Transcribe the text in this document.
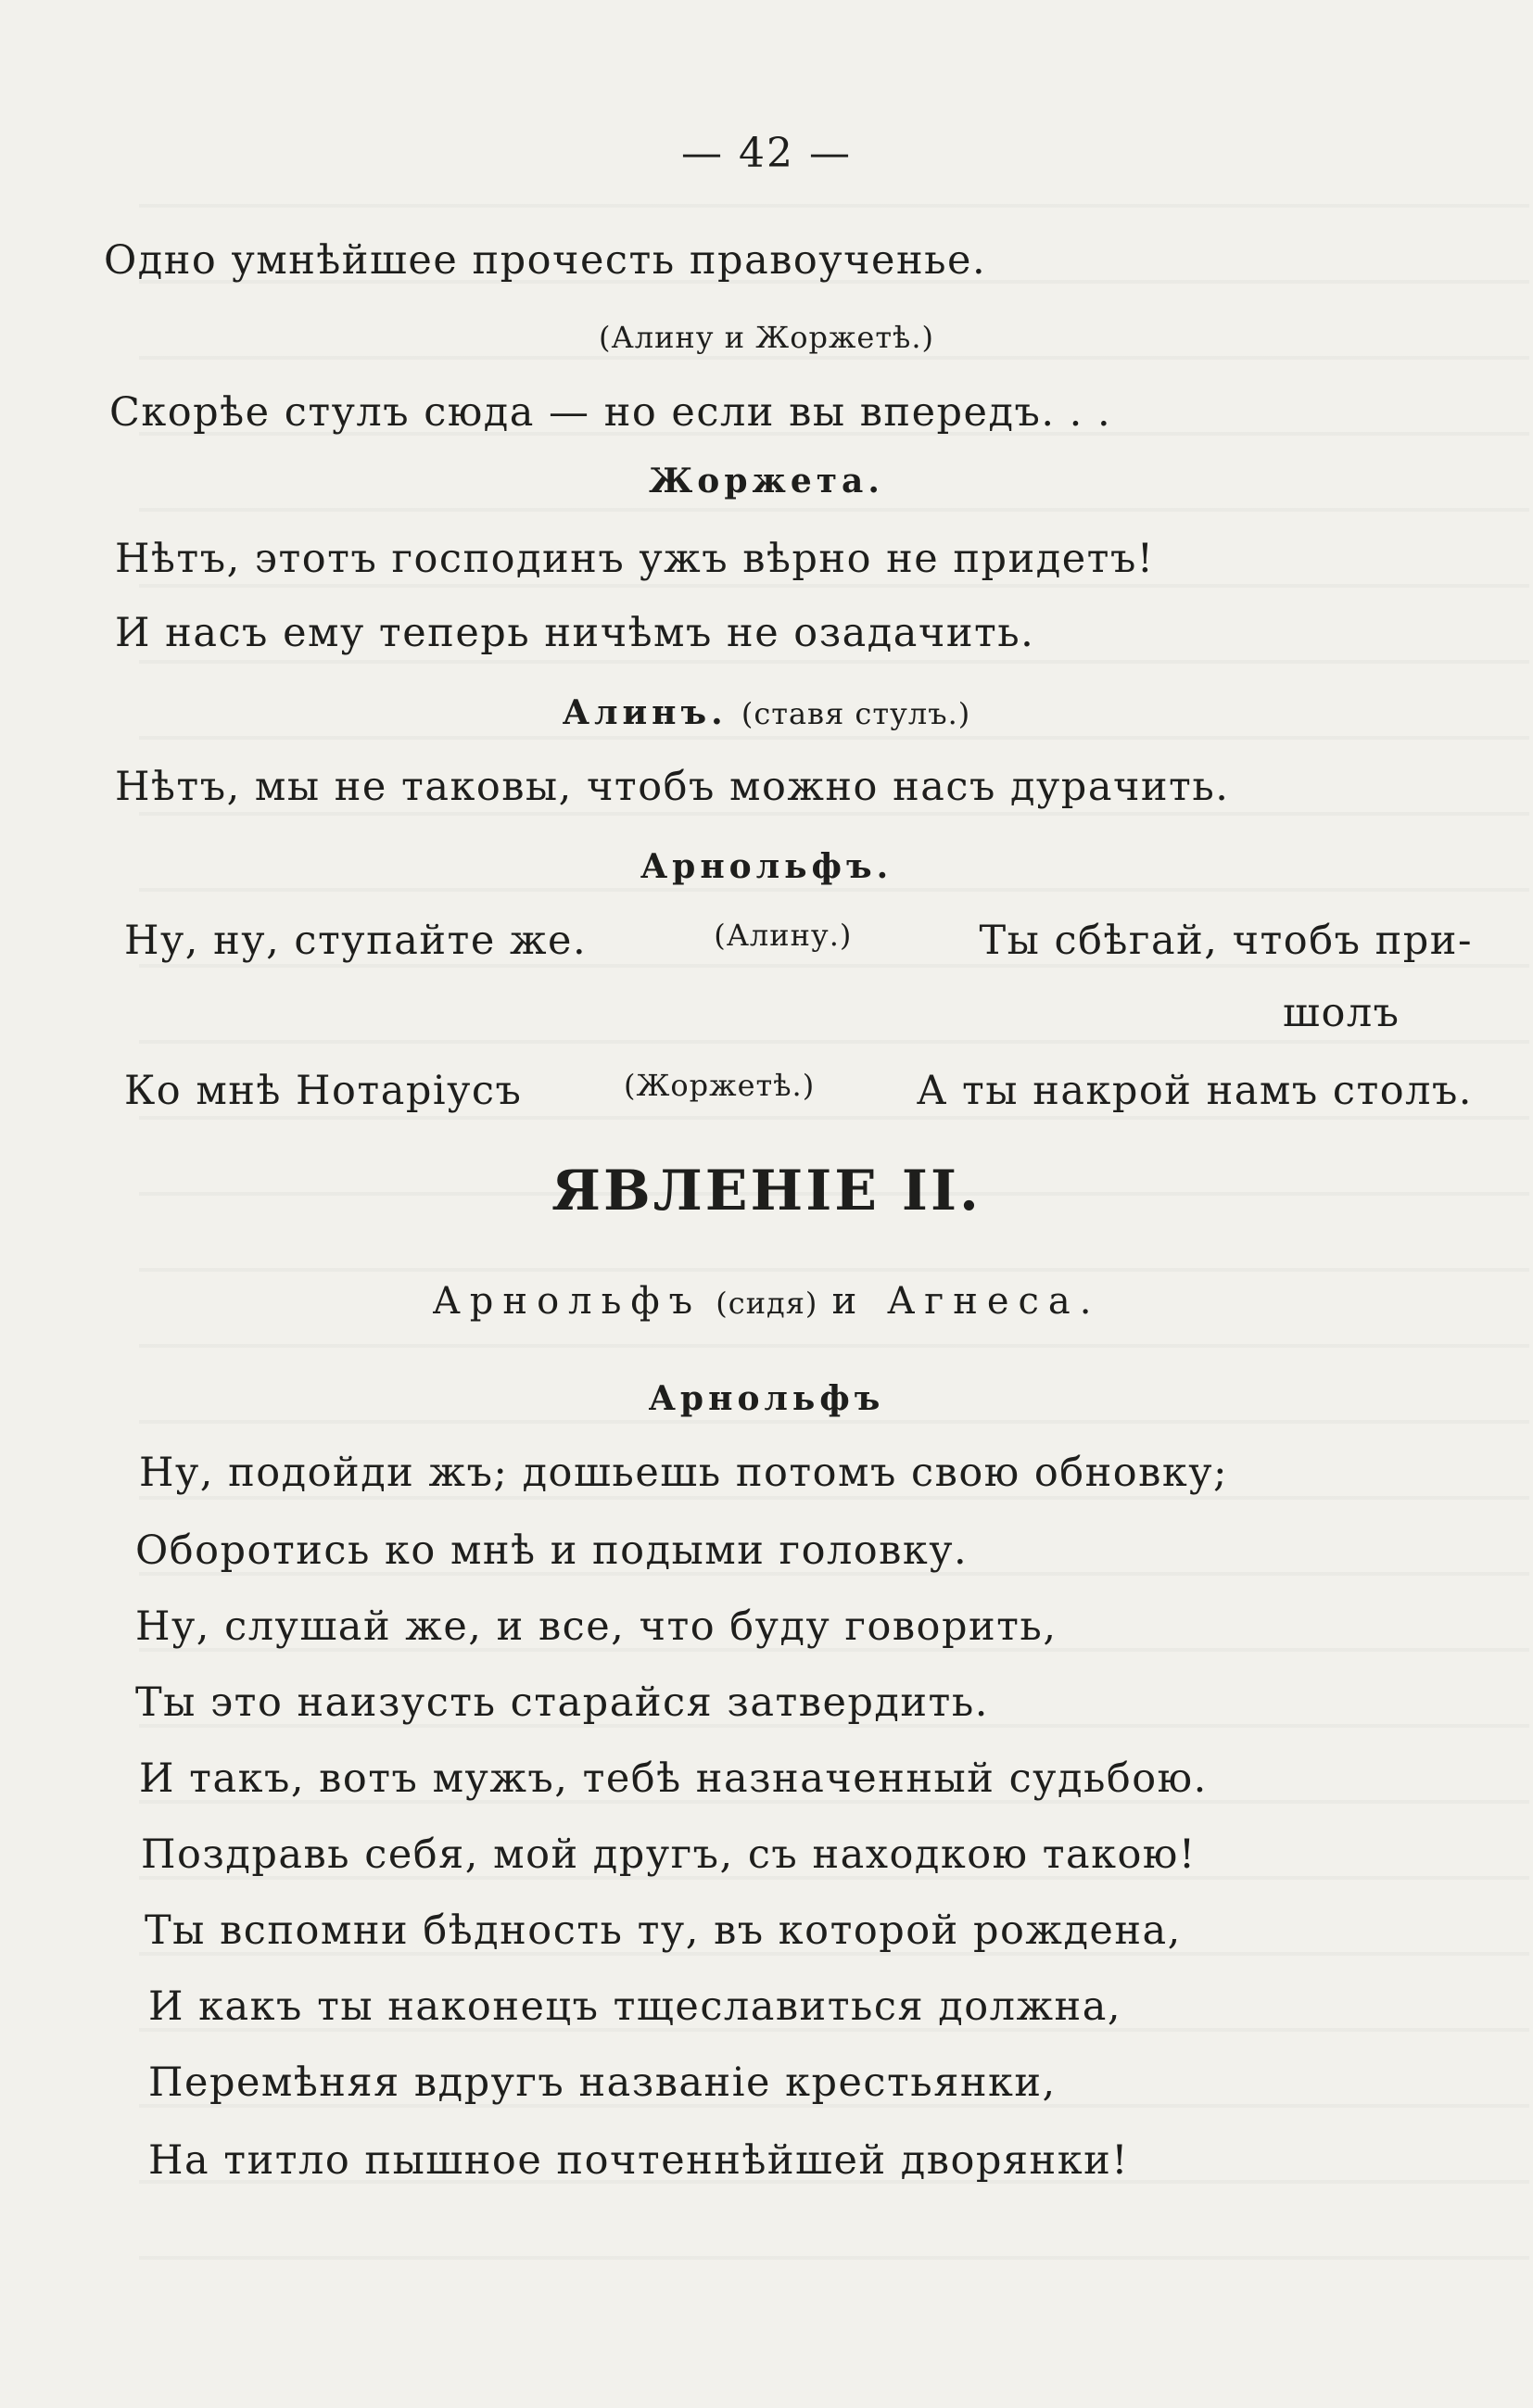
— 42 —
Одно умнѣйшее прочесть правоученье.
(Алину и Жоржетѣ.)
Скорѣе стулъ сюда — но если вы впередъ. . .
Жоржета.
Нѣтъ, этотъ господинъ ужъ вѣрно не придетъ!
И насъ ему теперь ничѣмъ не озадачить.
Алинъ. (ставя стулъ.)
Нѣтъ, мы не таковы, чтобъ можно насъ дурачить.
Арнольфъ.
Ну, ну, ступайте же.	(Алину.)	Ты сбѣгай, чтобъ при-
шолъ
Ко мнѣ Нотаріусъ	(Жоржетѣ.)	А ты накрой намъ столъ.
ЯВЛЕНІЕ II.
Арнольфъ (сидя) и Агнеса.
Арнольфъ
Ну, подойди жъ; дошьешь потомъ свою обновку;
Оборотись ко мнѣ и подыми головку.
Ну, слушай же, и все, что буду говорить,
Ты это наизусть старайся затвердить.
И такъ, вотъ мужъ, тебѣ назначенный судьбою.
Поздравь себя, мой другъ, съ находкою такою!
Ты вспомни бѣдность ту, въ которой рождена,
И какъ ты наконецъ тщеславиться должна,
Перемѣняя вдругъ названіе крестьянки,
На титло пышное почтеннѣйшей дворянки!
